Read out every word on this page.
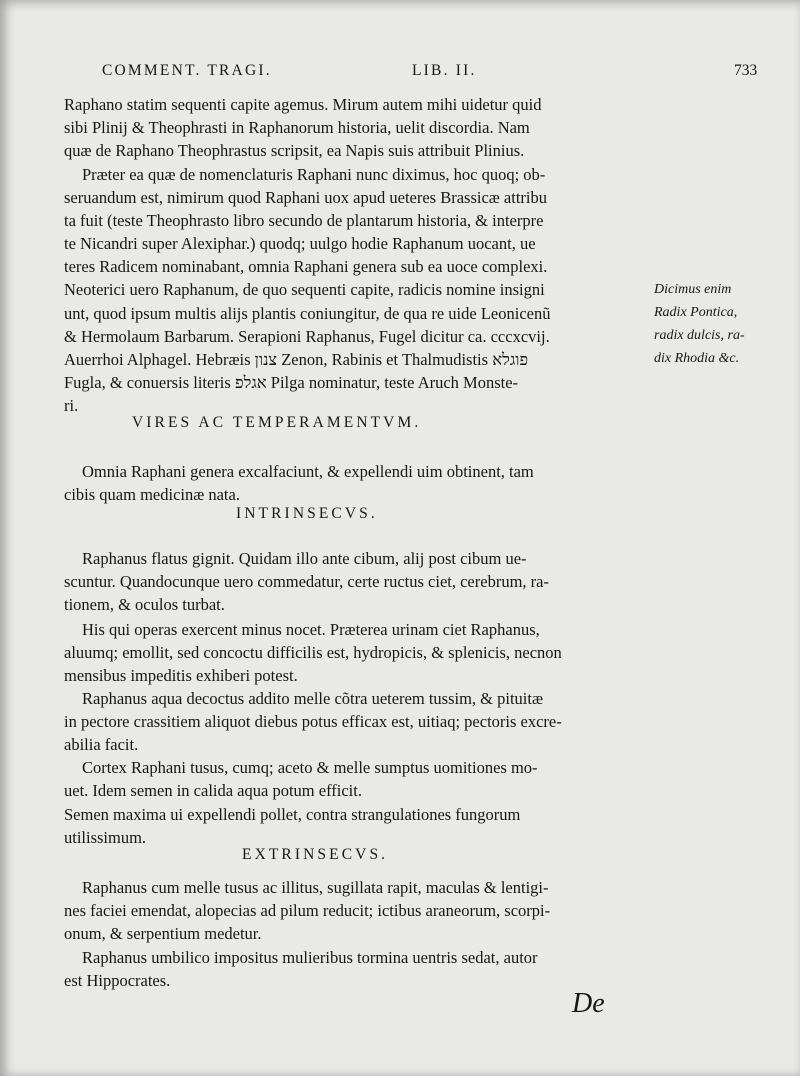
COMMENT. TRAGI.	LIB. II.	733
Raphano statim sequenti capite agemus. Mirum autem mihi uidetur quid
sibi Plinij & Theophrasti in Raphanorum historia, uelit discordia. Nam
quæ de Raphano Theophrastus scripsit, ea Napis suis attribuit Plinius.
Præter ea quæ de nomenclaturis Raphani nunc diximus, hoc quoq; ob-
seruandum est, nimirum quod Raphani uox apud ueteres Brassicæ attribu
ta fuit (teste Theophrasto libro secundo de plantarum historia, & interpre
te Nicandri super Alexiphar.) quodq; uulgo hodie Raphanum uocant, ue
teres Radicem nominabant, omnia Raphani genera sub ea uoce complexi.
Neoterici uero Raphanum, de quo sequenti capite, radicis nomine insigni
unt, quod ipsum multis alijs plantis coniungitur, de qua re uide Leonicenũ
& Hermolaum Barbarum. Serapioni Raphanus, Fugel dicitur ca. cccxcvij.
Auerrhoi Alphagel. Hebræis צנון Zenon, Rabinis et Thalmudistis פוגלא
Fugla, & conuersis literis אגלפ Pilga nominatur, teste Aruch Monste-
ri.
Dicimus enim
Radix Pontica,
radix dulcis, ra-
dix Rhodia &c.
VIRES AC TEMPERAMENTVM.
Omnia Raphani genera excalfaciunt, & expellendi uim obtinent, tam
cibis quam medicinæ nata.
INTRINSECVS.
Raphanus flatus gignit. Quidam illo ante cibum, alij post cibum ue-
scuntur. Quandocunque uero commedatur, certe ructus ciet, cerebrum, ra-
tionem, & oculos turbat.
His qui operas exercent minus nocet. Præterea urinam ciet Raphanus,
aluumq; emollit, sed concoctu difficilis est, hydropicis, & splenicis, necnon
mensibus impeditis exhiberi potest.
Raphanus aqua decoctus addito melle cõtra ueterem tussim, & pituitæ
in pectore crassitiem aliquot diebus potus efficax est, uitiaq; pectoris excre-
abilia facit.
Cortex Raphani tusus, cumq; aceto & melle sumptus uomitiones mo-
uet. Idem semen in calida aqua potum efficit.
Semen maxima ui expellendi pollet, contra strangulationes fungorum
utilissimum.
EXTRINSECVS.
Raphanus cum melle tusus ac illitus, sugillata rapit, maculas & lentigi-
nes faciei emendat, alopecias ad pilum reducit; ictibus araneorum, scorpi-
onum, & serpentium medetur.
Raphanus umbilico impositus mulieribus tormina uentris sedat, autor
est Hippocrates.
De
